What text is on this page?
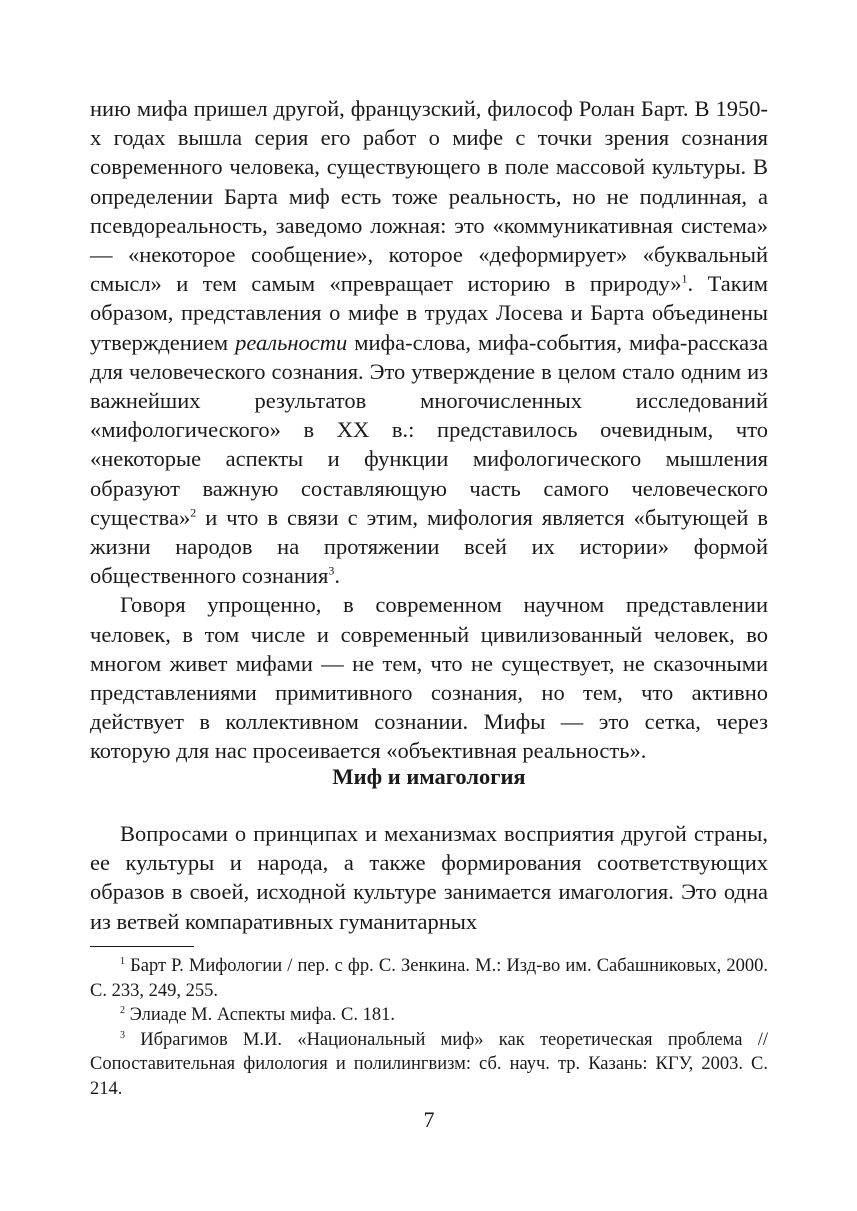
нию мифа пришел другой, французский, философ Ролан Барт. В 1950-х годах вышла серия его работ о мифе с точки зрения сознания современного человека, существующего в поле массовой культуры. В определении Барта миф есть тоже реальность, но не подлинная, а псевдореальность, заведомо ложная: это «коммуникативная система» — «некоторое сообщение», которое «деформирует» «буквальный смысл» и тем самым «превращает историю в природу»$^1$. Таким образом, представления о мифе в трудах Лосева и Барта объединены утверждением реальности мифа-слова, мифа-события, мифа-рассказа для человеческого сознания. Это утверждение в целом стало одним из важнейших результатов многочисленных исследований «мифологического» в XX в.: представилось очевидным, что «некоторые аспекты и функции мифологического мышления образуют важную составляющую часть самого человеческого существа»$^2$ и что в связи с этим, мифология является «бытующей в жизни народов на протяжении всей их истории» формой общественного сознания$^3$.

Говоря упрощенно, в современном научном представлении человек, в том числе и современный цивилизованный человек, во многом живет мифами — не тем, что не существует, не сказочными представлениями примитивного сознания, но тем, что активно действует в коллективном сознании. Мифы — это сетка, через которую для нас просеивается «объективная реальность».

Миф и имагология

Вопросами о принципах и механизмах восприятия другой страны, ее культуры и народа, а также формирования соответствующих образов в своей, исходной культуре занимается имагология. Это одна из ветвей компаративных гуманитарных

$^1$ Барт Р. Мифологии / пер. с фр. С. Зенкина. М.: Изд-во им. Сабашниковых, 2000. С. 233, 249, 255.

$^2$ Элиаде М. Аспекты мифа. С. 181.

$^3$ Ибрагимов М.И. «Национальный миф» как теоретическая проблема // Сопоставительная филология и полилингвизм: сб. науч. тр. Казань: КГУ, 2003. С. 214.

7
